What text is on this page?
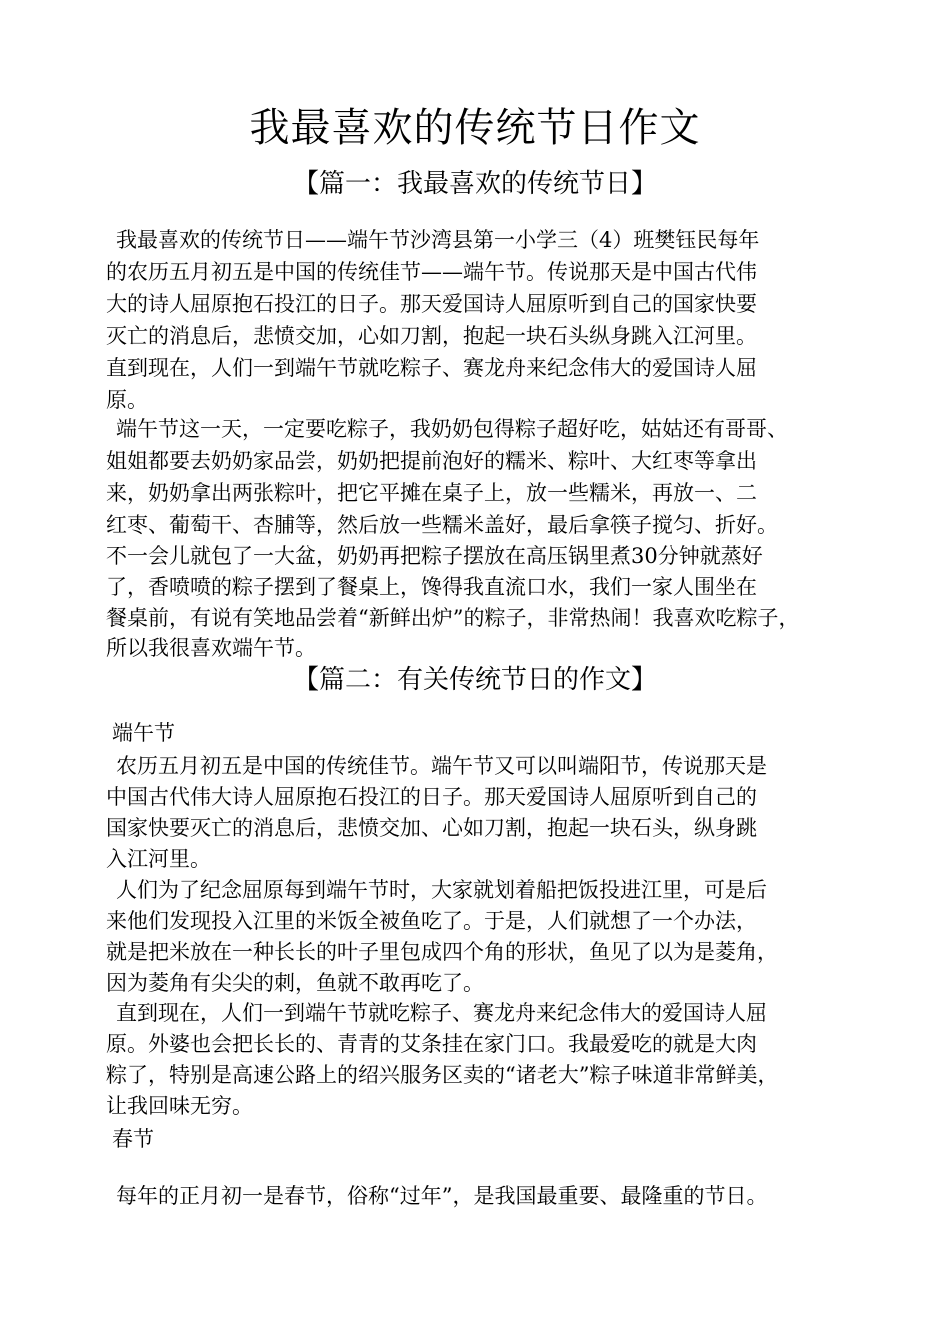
我最喜欢的传统节日作文
【篇一：我最喜欢的传统节日】
我最喜欢的传统节日——端午节沙湾县第一小学三（4）班樊钰民每年
的农历五月初五是中国的传统佳节——端午节。传说那天是中国古代伟
大的诗人屈原抱石投江的日子。那天爱国诗人屈原听到自己的国家快要
灭亡的消息后，悲愤交加，心如刀割，抱起一块石头纵身跳入江河里。
直到现在，人们一到端午节就吃粽子、赛龙舟来纪念伟大的爱国诗人屈
原。
端午节这一天，一定要吃粽子，我奶奶包得粽子超好吃，姑姑还有哥哥、
姐姐都要去奶奶家品尝，奶奶把提前泡好的糯米、粽叶、大红枣等拿出
来，奶奶拿出两张粽叶，把它平摊在桌子上，放一些糯米，再放一、二
红枣、葡萄干、杏脯等，然后放一些糯米盖好，最后拿筷子搅匀、折好。
不一会儿就包了一大盆，奶奶再把粽子摆放在高压锅里煮30分钟就蒸好
了，香喷喷的粽子摆到了餐桌上，馋得我直流口水，我们一家人围坐在
餐桌前，有说有笑地品尝着“新鲜出炉”的粽子，非常热闹！我喜欢吃粽子，
所以我很喜欢端午节。
【篇二：有关传统节日的作文】
端午节
农历五月初五是中国的传统佳节。端午节又可以叫端阳节，传说那天是
中国古代伟大诗人屈原抱石投江的日子。那天爱国诗人屈原听到自己的
国家快要灭亡的消息后，悲愤交加、心如刀割，抱起一块石头，纵身跳
入江河里。
人们为了纪念屈原每到端午节时，大家就划着船把饭投进江里，可是后
来他们发现投入江里的米饭全被鱼吃了。于是，人们就想了一个办法，
就是把米放在一种长长的叶子里包成四个角的形状，鱼见了以为是菱角，
因为菱角有尖尖的刺，鱼就不敢再吃了。
直到现在，人们一到端午节就吃粽子、赛龙舟来纪念伟大的爱国诗人屈
原。外婆也会把长长的、青青的艾条挂在家门口。我最爱吃的就是大肉
粽了，特别是高速公路上的绍兴服务区卖的“诸老大”粽子味道非常鲜美，
让我回味无穷。
春节
每年的正月初一是春节，俗称“过年”，是我国最重要、最隆重的节日。
